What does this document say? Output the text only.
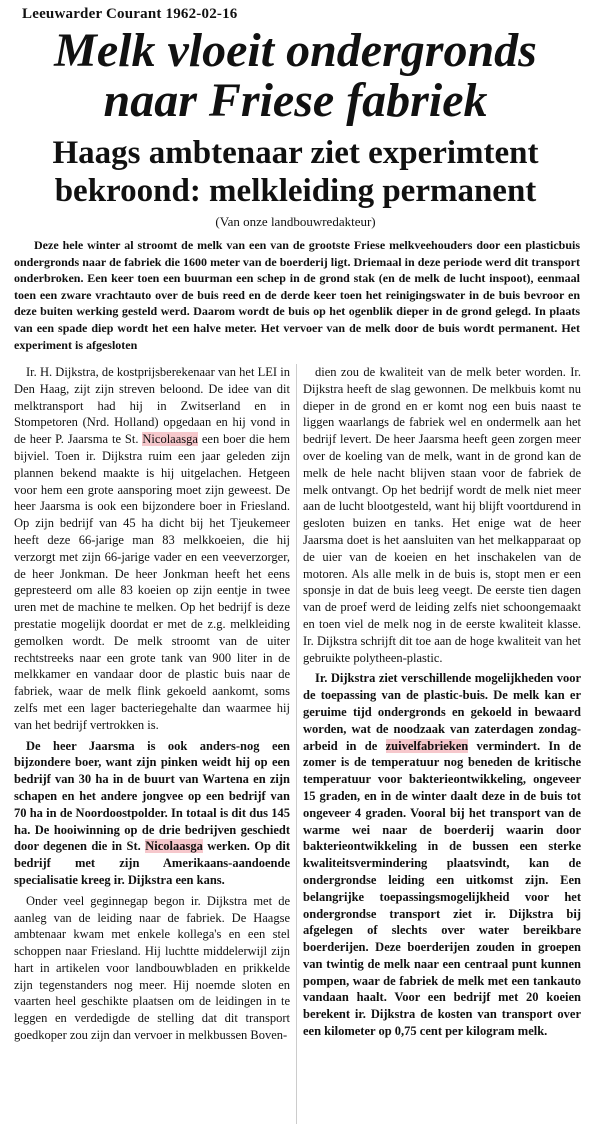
Leeuwarder Courant 1962-02-16
Melk vloeit ondergronds
naar Friese fabriek
Haags ambtenaar ziet experimtent
bekroond: melkleiding permanent
(Van onze landbouwredakteur)

Deze hele winter al stroomt de melk van een van de grootste Friese melkveehouders door een plasticbuis ondergronds naar de fabriek die 1600 meter van de boerderij ligt. Driemaal in deze periode werd dit transport onderbroken. Een keer toen een buurman een schep in de grond stak (en de melk de lucht inspoot), eenmaal toen een zware vrachtauto over de buis reed en de derde keer toen het reinigingswater in de buis bevroor en deze buiten werking gesteld werd. Daarom wordt de buis op het ogenblik dieper in de grond gelegd. In plaats van een spade diep wordt het een halve meter. Het vervoer van de melk door de buis wordt permanent. Het experiment is afgesloten

Ir. H. Dijkstra, de kostprijsberekenaar van het LEI in Den Haag, zijt zijn streven beloond. De idee van dit melktransport had hij in Zwitserland en in Stompetoren (Nrd. Holland) opgedaan en hij vond in de heer P. Jaarsma te St. Nicolaasga een boer die hem bijviel. Toen ir. Dijkstra ruim een jaar geleden zijn plannen bekend maakte is hij uitgelachen. Hetgeen voor hem een grote aansporing moet zijn geweest. De heer Jaarsma is ook een bijzondere boer in Friesland. Op zijn bedrijf van 45 ha dicht bij het Tjeukemeer heeft deze 66-jarige man 83 melkkoeien, die hij verzorgt met zijn 66-jarige vader en een veeverzorger, de heer Jonkman. De heer Jonkman heeft het eens gepresteerd om alle 83 koeien op zijn eentje in twee uren met de machine te melken. Op het bedrijf is deze prestatie mogelijk doordat er met de z.g. melkleiding gemolken wordt. De melk stroomt van de uiter rechtstreeks naar een grote tank van 900 liter in de melkkamer en vandaar door de plastic buis naar de fabriek, waar de melk flink gekoeld aankomt, soms zelfs met een lager bacteriegehalte dan waarmee hij van het bedrijf vertrokken is.

De heer Jaarsma is ook anders-nog een bijzondere boer, want zijn pinken weidt hij op een bedrijf van 30 ha in de buurt van Wartena en zijn schapen en het andere jongvee op een bedrijf van 70 ha in de Noordoostpolder. In totaal is dit dus 145 ha. De hooiwinning op de drie bedrijven geschiedt door degenen die in St. Nicolaasga werken. Op dit bedrijf met zijn Amerikaans-aandoende specialisatie kreeg ir. Dijkstra een kans.

Onder veel geginnegap begon ir. Dijkstra met de aanleg van de leiding naar de fabriek. De Haagse ambtenaar kwam met enkele kollega's en een stel schoppen naar Friesland. Hij luchtte middelerwijl zijn hart in artikelen voor landbouwbladen en prikkelde zijn tegenstanders nog meer. Hij noemde sloten en vaarten heel geschikte plaatsen om de leidingen in te leggen en verdedigde de stelling dat dit transport goedkoper zou zijn dan vervoer in melkbussen Boven-

dien zou de kwaliteit van de melk beter worden. Ir. Dijkstra heeft de slag gewonnen. De melkbuis komt nu dieper in de grond en er komt nog een buis naast te liggen waarlangs de fabriek wel en ondermelk aan het bedrijf levert. De heer Jaarsma heeft geen zorgen meer over de koeling van de melk, want in de grond kan de melk de hele nacht blijven staan voor de fabriek de melk ontvangt. Op het bedrijf wordt de melk niet meer aan de lucht blootgesteld, want hij blijft voortdurend in gesloten buizen en tanks. Het enige wat de heer Jaarsma doet is het aansluiten van het melkapparaat op de uier van de koeien en het inschakelen van de motoren. Als alle melk in de buis is, stopt men er een sponsje in dat de buis leeg veegt. De eerste tien dagen van de proef werd de leiding zelfs niet schoongemaakt en toen viel de melk nog in de eerste kwaliteit klasse. Ir. Dijkstra schrijft dit toe aan de hoge kwaliteit van het gebruikte polytheen-plastic.

Ir. Dijkstra ziet verschillende mogelijkheden voor de toepassing van de plastic-buis. De melk kan er geruime tijd ondergronds en gekoeld in bewaard worden, wat de noodzaak van zaterdagen zondag-arbeid in de zuivelfabrieken vermindert. In de zomer is de temperatuur nog beneden de kritische temperatuur voor bakterieontwikkeling, ongeveer 15 graden, en in de winter daalt deze in de buis tot ongeveer 4 graden. Vooral bij het transport van de warme wei naar de boerderij waarin door bakterieontwikkeling in de bussen een sterke kwaliteitsvermindering plaatsvindt, kan de ondergrondse leiding een uitkomst zijn. Een belangrijke toepassingsmogelijkheid voor het ondergrondse transport ziet ir. Dijkstra bij afgelegen of slechts over water bereikbare boerderijen. Deze boerderijen zouden in groepen van twintig de melk naar een centraal punt kunnen pompen, waar de fabriek de melk met een tankauto vandaan haalt. Voor een bedrijf met 20 koeien berekent ir. Dijkstra de kosten van transport over een kilometer op 0,75 cent per kilogram melk.
